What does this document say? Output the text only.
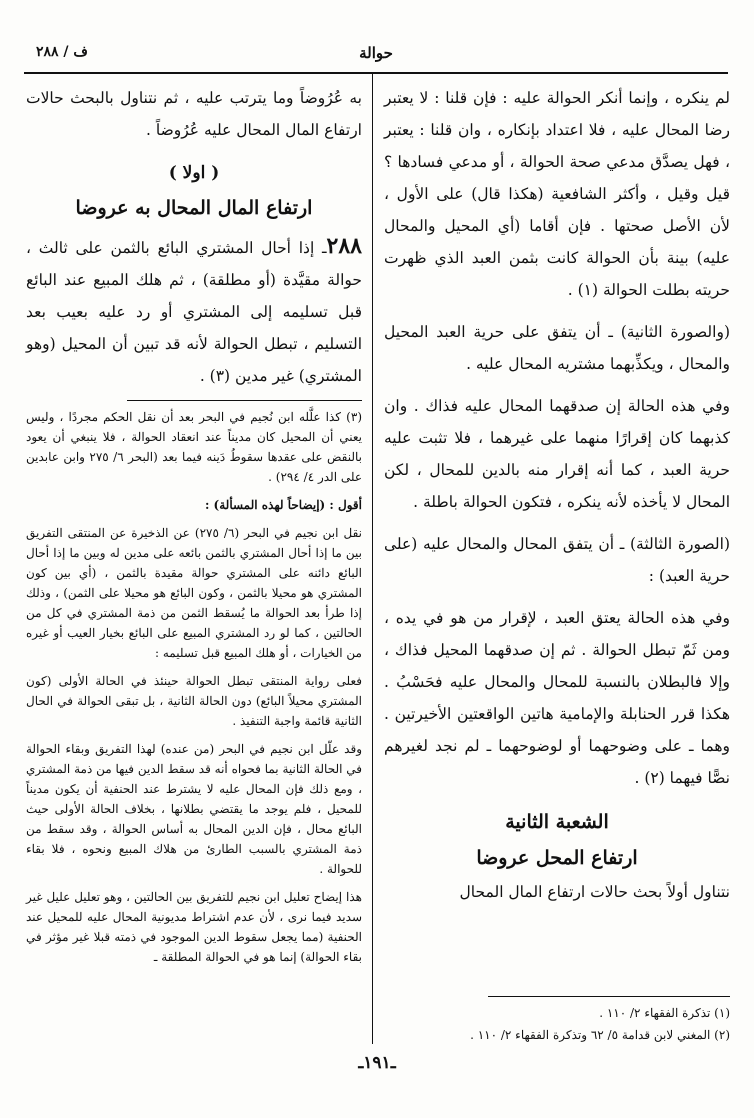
حوالة
ف / ٢٨٨

لم ينكره ، وإنما أنكر الحوالة عليه : فإن قلنا : لا يعتبر رضا المحال عليه ، فلا اعتداد بإنكاره ، وان قلنا : يعتبر ، فهل يصدَّق مدعي صحة الحوالة ، أو مدعي فسادها ؟ قيل وقيل ، وأكثر الشافعية (هكذا قال) على الأول ، لأن الأصل صحتها . فإن أقاما (أي المحيل والمحال عليه) بينة بأن الحوالة كانت بثمن العبد الذي ظهرت حريته بطلت الحوالة (١) .

(والصورة الثانية) ـ أن يتفق على حرية العبد المحيل والمحال ، ويكذِّبهما مشتريه المحال عليه .

وفي هذه الحالة إن صدقهما المحال عليه فذاك . وان كذبهما كان إقرارًا منهما على غيرهما ، فلا تثبت عليه حرية العبد ، كما أنه إقرار منه بالدين للمحال ، لكن المحال لا يأخذه لأنه ينكره ، فتكون الحوالة باطلة .

(الصورة الثالثة) ـ أن يتفق المحال والمحال عليه (على حرية العبد) :

وفي هذه الحالة يعتق العبد ، لإقرار من هو في يده ، ومن ثَمّ تبطل الحوالة . ثم إن صدقهما المحيل فذاك ، وإلا فالبطلان بالنسبة للمحال والمحال عليه فحَسْبُ . هكذا قرر الحنابلة والإمامية هاتين الواقعتين الأخيرتين . وهما ـ على وضوحهما أو لوضوحهما ـ لم نجد لغيرهم نصًّا فيهما (٢) .

الشعبة الثانية

ارتفاع المحل عروضا

نتناول أولاً بحث حالات ارتفاع المال المحال

به عُرُوضاً وما يترتب عليه ، ثم نتناول بالبحث حالات ارتفاع المال المحال عليه عُرُوضاً .

( اولا )

ارتفاع المال المحال به عروضا

٢٨٨ـ إذا أحال المشتري البائع بالثمن على ثالث ، حوالة مقيَّدة (أو مطلقة) ، ثم هلك المبيع عند البائع قبل تسليمه إلى المشتري أو رد عليه بعيب بعد التسليم ، تبطل الحوالة لأنه قد تبين أن المحيل (وهو المشتري) غير مدين (٣) .

(٣) كذا علَّله ابن نُجيم في البحر بعد أن نقل الحكم مجردًا ، وليس يعني أن المحيل كان مديناً عند انعقاد الحوالة ، فلا ينبغي أن يعود بالنقض على عقدها سقوطُ دَينه فيما بعد (البحر ٦/ ٢٧٥ وابن عابدين على الدر ٤/ ٢٩٤) .

أقول : (إيضاحاً لهذه المسألة) :

نقل ابن نجيم في البحر (٦/ ٢٧٥) عن الذخيرة عن المنتقى التفريق بين ما إذا أحال المشتري بالثمن بائعه على مدين له وبين ما إذا أحال البائع دائنه على المشتري حوالة مقيدة بالثمن ، (أي بين كون المشتري هو محيلا بالثمن ، وكون البائع هو محيلا على الثمن) ، وذلك إذا طرأ بعد الحوالة ما يُسقط الثمن من ذمة المشتري في كل من الحالتين ، كما لو رد المشتري المبيع على البائع بخيار العيب أو غيره من الخيارات ، أو هلك المبيع قبل تسليمه :

فعلى رواية المنتقى تبطل الحوالة حينئذ في الحالة الأولى (كون المشتري محيلاً البائع) دون الحالة الثانية ، بل تبقى الحوالة في الحال الثانية قائمة واجبة التنفيذ .

وقد علّل ابن نجيم في البحر (من عنده) لهذا التفريق وبقاء الحوالة في الحالة الثانية بما فحواه أنه قد سقط الدين فيها من ذمة المشتري ، ومع ذلك فإن المحال عليه لا يشترط عند الحنفية أن يكون مديناً للمحيل ، فلم يوجد ما يقتضي بطلانها ، بخلاف الحالة الأولى حيث البائع محال ، فإن الدين المحال به أساس الحوالة ، وقد سقط من ذمة المشتري بالسبب الطارئ من هلاك المبيع ونحوه ، فلا بقاء للحوالة .

هذا إيضاح تعليل ابن نجيم للتفريق بين الحالتين ، وهو تعليل عليل غير سديد فيما نرى ، لأن عدم اشتراط مديونية المحال عليه للمحيل عند الحنفية (مما يجعل سقوط الدين الموجود في ذمته قبلا غير مؤثر في بقاء الحوالة) إنما هو في الحوالة المطلقة ـ

(١) تذكرة الفقهاء ٢/ ١١٠ .

(٢) المغني لابن قدامة ٥/ ٦٢ وتذكرة الفقهاء ٢/ ١١٠ .

ـ١٩١ـ
